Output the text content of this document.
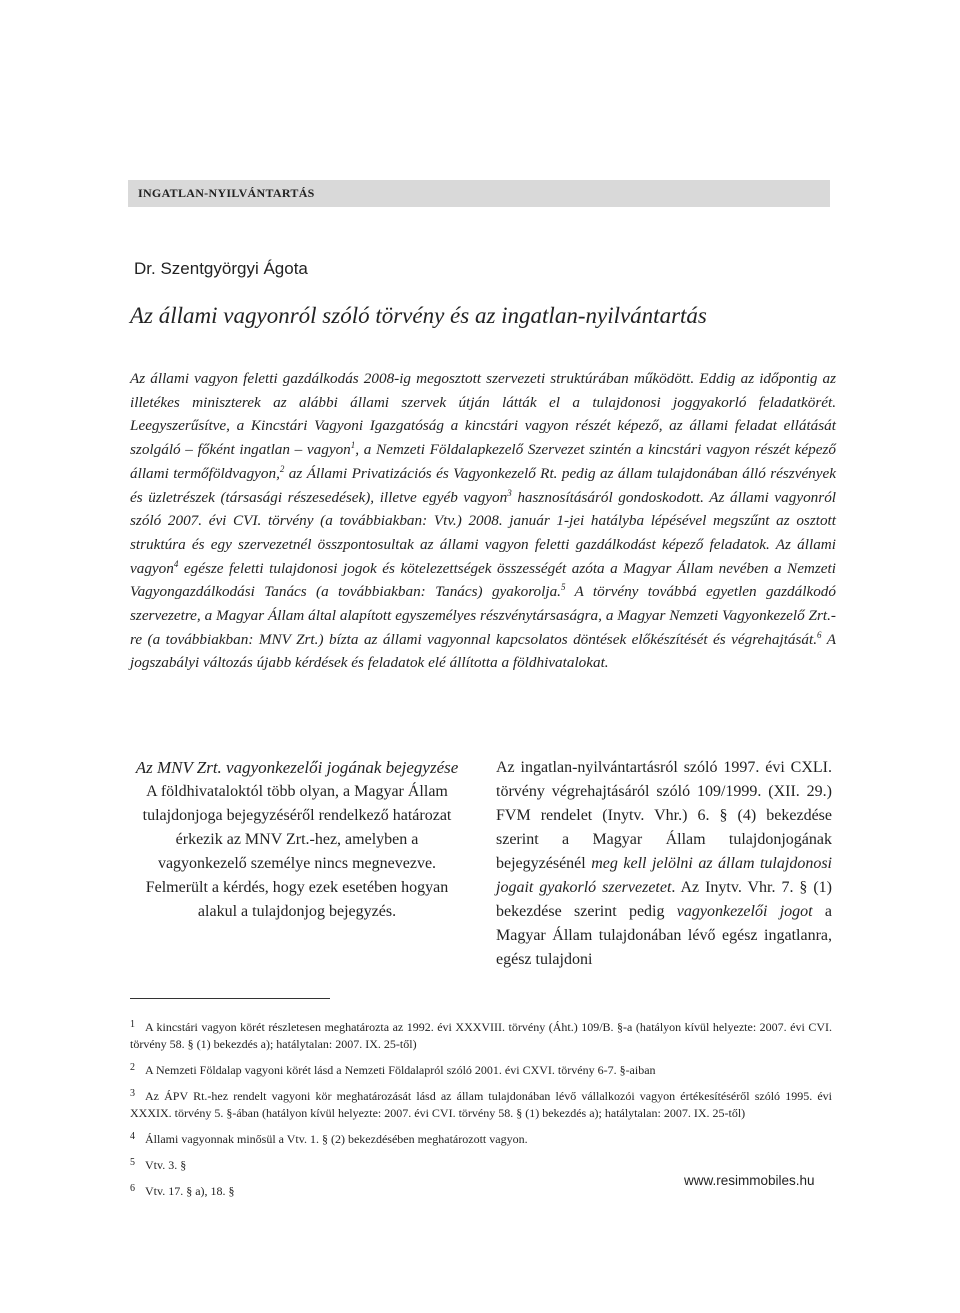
INGATLAN-NYILVÁNTARTÁS
Dr. Szentgyörgyi Ágota
Az állami vagyonról szóló törvény és az ingatlan-nyilvántartás
Az állami vagyon feletti gazdálkodás 2008-ig megosztott szervezeti struktúrában működött. Eddig az időpontig az illetékes miniszterek az alábbi állami szervek útján látták el a tulajdonosi joggyakorló feladatkörét. Leegyszerűsítve, a Kincstári Vagyoni Igazgatóság a kincstári vagyon részét képező, az állami feladat ellátását szolgáló – főként ingatlan – vagyon$^1$, a Nemzeti Földalapkezelő Szervezet szintén a kincstári vagyon részét képező állami termőföldvagyon,$^2$ az Állami Privatizációs és Vagyonkezelő Rt. pedig az állam tulajdonában álló részvények és üzletrészek (társasági részesedések), illetve egyéb vagyon$^3$ hasznosításáról gondoskodott. Az állami vagyonról szóló 2007. évi CVI. törvény (a továbbiakban: Vtv.) 2008. január 1-jei hatályba lépésével megszűnt az osztott struktúra és egy szervezetnél összpontosultak az állami vagyon feletti gazdálkodást képező feladatok. Az állami vagyon$^4$ egésze feletti tulajdonosi jogok és kötelezettségek összességét azóta a Magyar Állam nevében a Nemzeti Vagyongazdálkodási Tanács (a továbbiakban: Tanács) gyakorolja.$^5$ A törvény továbbá egyetlen gazdálkodó szervezetre, a Magyar Állam által alapított egyszemélyes részvénytársaságra, a Magyar Nemzeti Vagyonkezelő Zrt.-re (a továbbiakban: MNV Zrt.) bízta az állami vagyonnal kapcsolatos döntések előkészítését és végrehajtását.$^6$ A jogszabályi változás újabb kérdések és feladatok elé állította a földhivatalokat.

Az MNV Zrt. vagyonkezelői jogának bejegyzése

A földhivataloktól több olyan, a Magyar Állam tulajdonjoga bejegyzéséről rendelkező határozat érkezik az MNV Zrt.-hez, amelyben a vagyonkezelő személye nincs megnevezve. Felmerült a kérdés, hogy ezek esetében hogyan alakul a tulajdonjog bejegyzés.

Az ingatlan-nyilvántartásról szóló 1997. évi CXLI. törvény végrehajtásáról szóló 109/1999. (XII. 29.) FVM rendelet (Inytv. Vhr.) 6. § (4) bekezdése szerint a Magyar Állam tulajdonjogának bejegyzésénél meg kell jelölni az állam tulajdonosi jogait gyakorló szervezetet. Az Inytv. Vhr. 7. § (1) bekezdése szerint pedig vagyonkezelői jogot a Magyar Állam tulajdonában lévő egész ingatlanra, egész tulajdoni

$^1$ A kincstári vagyon körét részletesen meghatározta az 1992. évi XXXVIII. törvény (Áht.) 109/B. §-a (hatályon kívül helyezte: 2007. évi CVI. törvény 58. § (1) bekezdés a); hatálytalan: 2007. IX. 25-től)

$^2$ A Nemzeti Földalap vagyoni körét lásd a Nemzeti Földalapról szóló 2001. évi CXVI. törvény 6-7. §-aiban

$^3$ Az ÁPV Rt.-hez rendelt vagyoni kör meghatározását lásd az állam tulajdonában lévő vállalkozói vagyon értékesítéséről szóló 1995. évi XXXIX. törvény 5. §-ában (hatályon kívül helyezte: 2007. évi CVI. törvény 58. § (1) bekezdés a); hatálytalan: 2007. IX. 25-től)

$^4$ Állami vagyonnak minősül a Vtv. 1. § (2) bekezdésében meghatározott vagyon.

$^5$ Vtv. 3. §

$^6$ Vtv. 17. § a), 18. §

www.resimmobiles.hu
